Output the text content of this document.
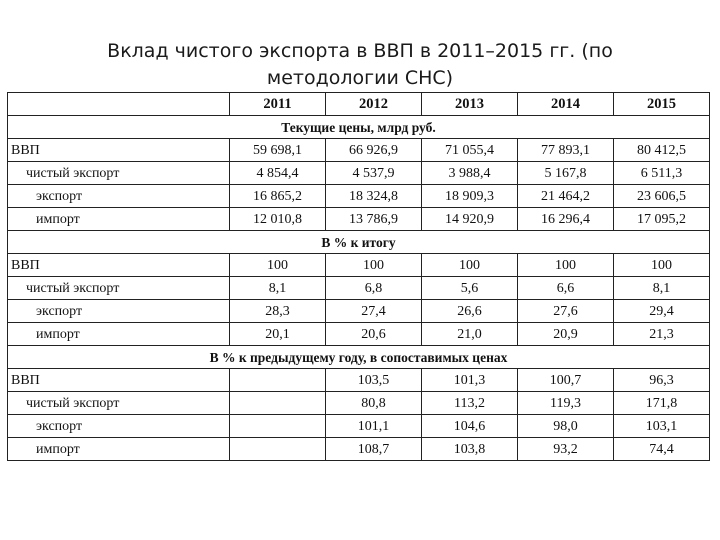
Вклад чистого экспорта в ВВП в 2011–2015 гг. (по методологии СНС)
	2011	2012	2013	2014	2015
Текущие цены, млрд руб.					
ВВП	59 698,1	66 926,9	71 055,4	77 893,1	80 412,5
чистый экспорт	4 854,4	4 537,9	3 988,4	5 167,8	6 511,3
экспорт	16 865,2	18 324,8	18 909,3	21 464,2	23 606,5
импорт	12 010,8	13 786,9	14 920,9	16 296,4	17 095,2
В % к итогу					
ВВП	100	100	100	100	100
чистый экспорт	8,1	6,8	5,6	6,6	8,1
экспорт	28,3	27,4	26,6	27,6	29,4
импорт	20,1	20,6	21,0	20,9	21,3
В % к предыдущему году, в сопоставимых ценах					
ВВП		103,5	101,3	100,7	96,3
чистый экспорт		80,8	113,2	119,3	171,8
экспорт		101,1	104,6	98,0	103,1
импорт		108,7	103,8	93,2	74,4
